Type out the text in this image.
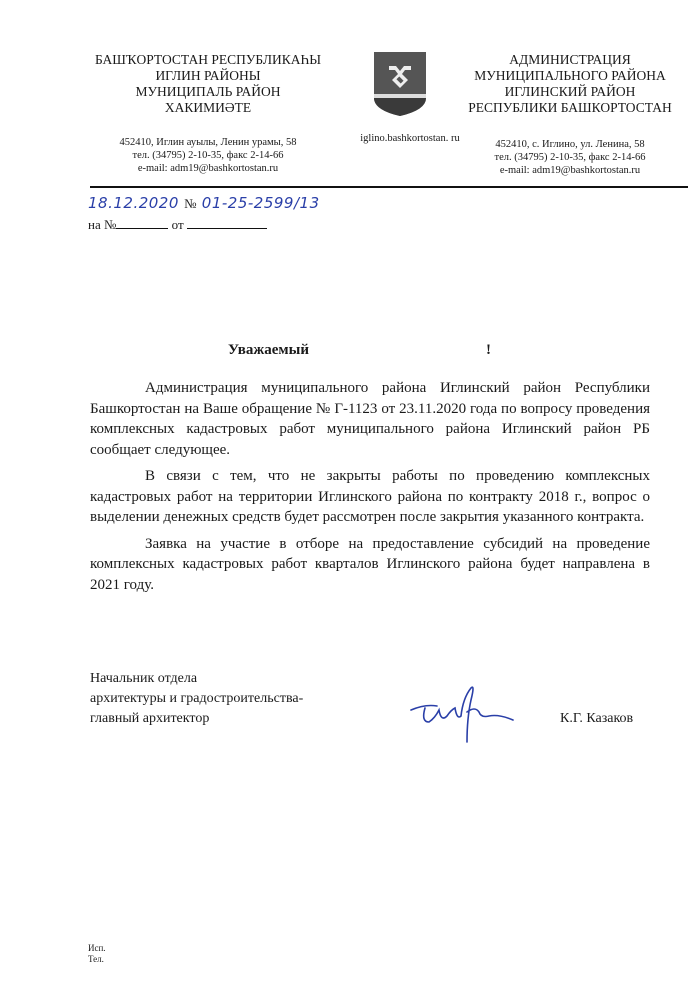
БАШҠОРТОСТАН РЕСПУБЛИКАҺЫ
ИГЛИН РАЙОНЫ
МУНИЦИПАЛЬ РАЙОН
ХАКИМИӘТЕ
452410, Иглин ауылы, Ленин урамы, 58
тел. (34795) 2-10-35, факс 2-14-66
e-mail: adm19@bashkortostan.ru
iglino.bashkortostan. ru
АДМИНИСТРАЦИЯ
МУНИЦИПАЛЬНОГО РАЙОНА
ИГЛИНСКИЙ РАЙОН
РЕСПУБЛИКИ БАШКОРТОСТАН
452410, с. Иглино, ул. Ленина, 58
тел. (34795) 2-10-35, факс 2-14-66
e-mail: adm19@bashkortostan.ru
18.12.2020 № 01-25-2599/13
на №	от
Уважаемый	!

Администрация муниципального района Иглинский район Республики Башкортостан на Ваше обращение № Г-1123 от 23.11.2020 года по вопросу проведения комплексных кадастровых работ муниципального района Иглинский район РБ сообщает следующее.

В связи с тем, что не закрыты работы по проведению комплексных кадастровых работ на территории Иглинского района по контракту 2018 г., вопрос о выделении денежных средств будет рассмотрен после закрытия указанного контракта.

Заявка на участие в отборе на предоставление субсидий на проведение комплексных кадастровых работ кварталов Иглинского района будет направлена в 2021 году.

Начальник отдела
архитектуры и градостроительства-
главный архитектор	К.Г. Казаков
Исп.
Тел.
